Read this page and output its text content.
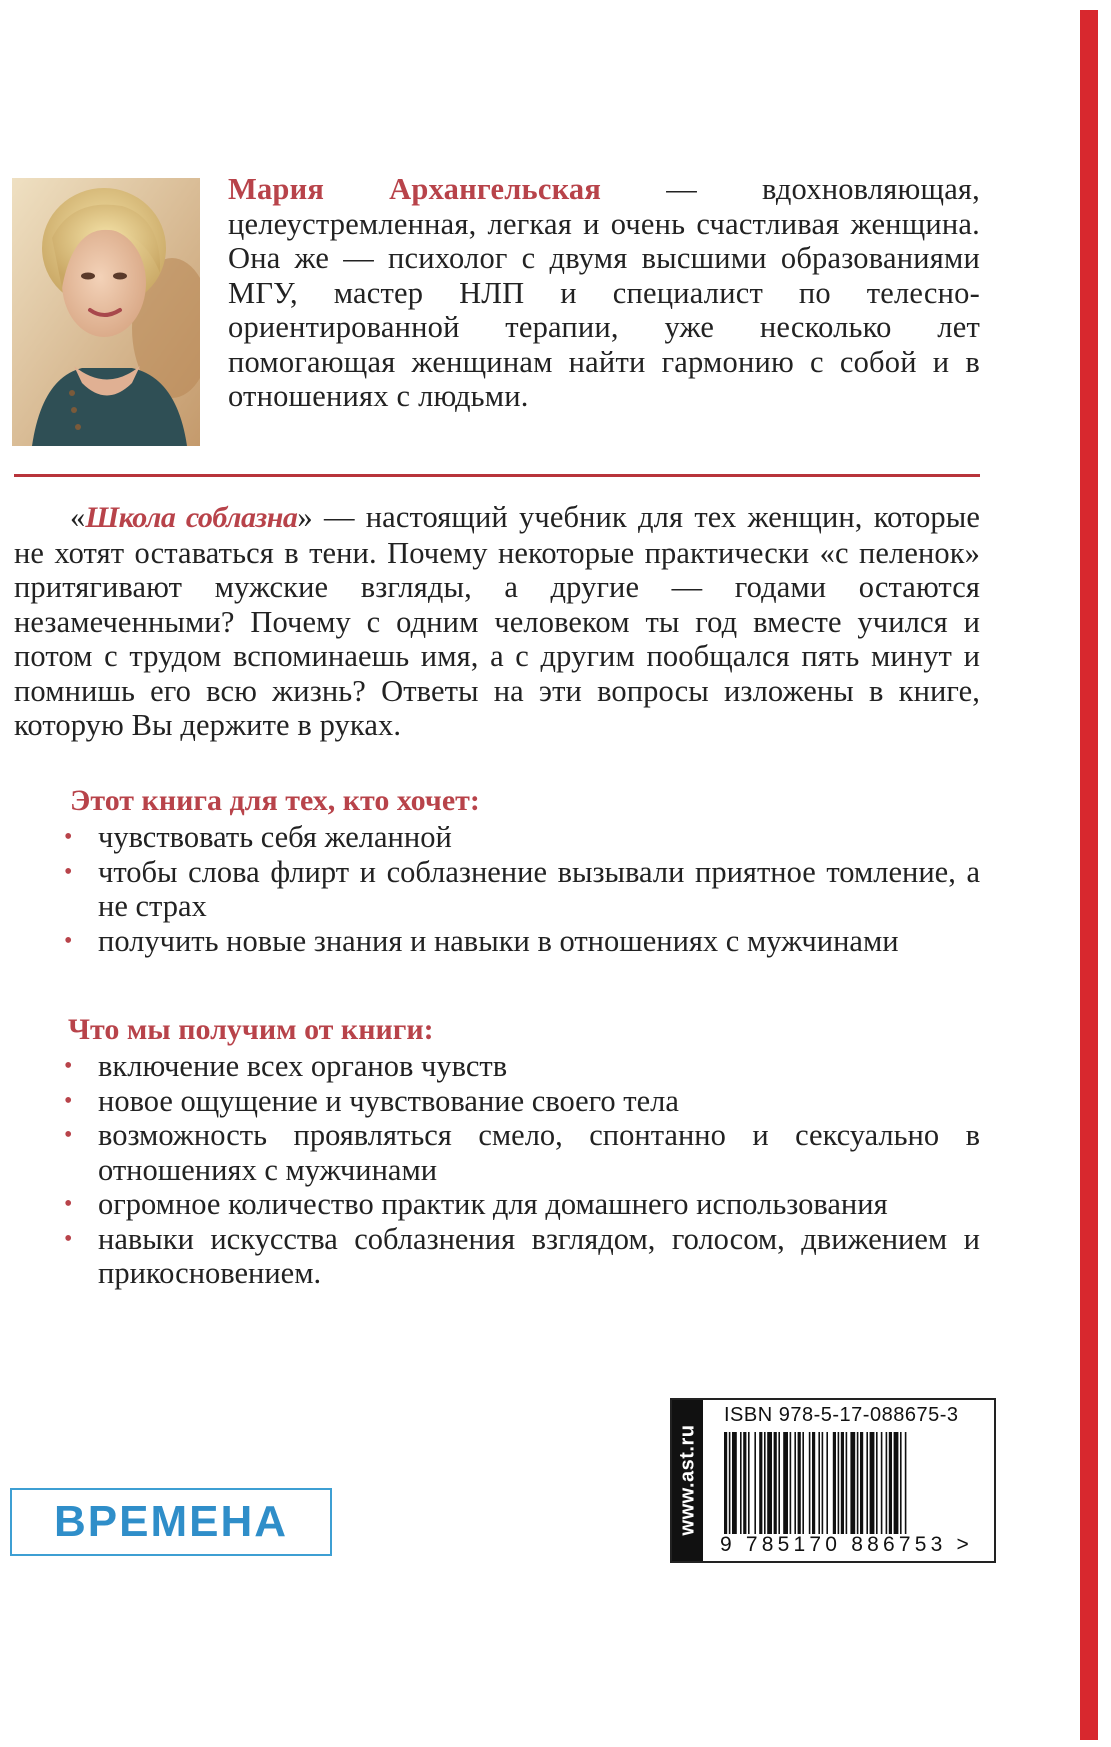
Мария Архангельская — вдохновляющая, целеустремленная, легкая и очень счастливая женщина. Она же — психолог с двумя высшими образованиями МГУ, мастер НЛП и специалист по телесно-ориентированной терапии, уже несколько лет помогающая женщинам найти гармонию с собой и в отношениях с людьми.

«Школа соблазна» — настоящий учебник для тех женщин, которые не хотят оставаться в тени. Почему некоторые практически «с пеленок» притягивают мужские взгляды, а другие — годами остаются незамеченными? Почему с одним человеком ты год вместе учился и потом с трудом вспоминаешь имя, а с другим пообщался пять минут и помнишь его всю жизнь? Ответы на эти вопросы изложены в книге, которую Вы держите в руках.

Этот книга для тех, кто хочет:
• чувствовать себя желанной
• чтобы слова флирт и соблазнение вызывали приятное томление, а не страх
• получить новые знания и навыки в отношениях с мужчинами
Что мы получим от книги:
• включение всех органов чувств
• новое ощущение и чувствование своего тела
• возможность проявляться смело, спонтанно и сексуально в отношениях с мужчинами
• огромное количество практик для домашнего использования
• навыки искусства соблазнения взглядом, голосом, движением и прикосновением.
ВРЕМЕНА	www.ast.ru
ISBN 978-5-17-088675-3
9 785170 886753 >
